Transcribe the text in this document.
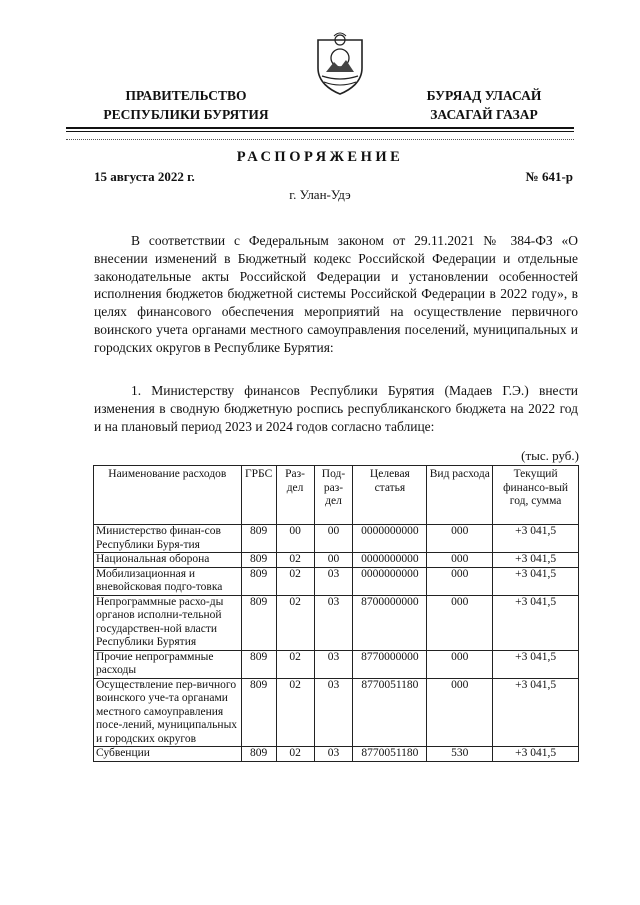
ПРАВИТЕЛЬСТВО
РЕСПУБЛИКИ БУРЯТИЯ
БУРЯАД УЛАСАЙ
ЗАСАГАЙ ГАЗАР
РАСПОРЯЖЕНИЕ
15 августа 2022 г.	№ 641-р
г. Улан-Удэ
В соответствии с Федеральным законом от 29.11.2021 № 384-ФЗ «О внесении изменений в Бюджетный кодекс Российской Федерации и отдельные законодательные акты Российской Федерации и установлении особенностей исполнения бюджетов бюджетной системы Российской Федерации в 2022 году», в целях финансового обеспечения мероприятий на осуществление первичного воинского учета органами местного самоуправления поселений, муниципальных и городских округов в Республике Бурятия:
1. Министерству финансов Республики Бурятия (Мадаев Г.Э.) внести изменения в сводную бюджетную роспись республиканского бюджета на 2022 год и на плановый период 2023 и 2024 годов согласно таблице:
(тыс. руб.)
Наименование расходов	ГРБС	Раз-дел	Под-раз-дел	Целевая статья	Вид расхода	Текущий финансо-вый год, сумма
Министерство финан-сов Республики Буря-тия	809	00	00	0000000000	000	+3 041,5
Национальная оборона	809	02	00	0000000000	000	+3 041,5
Мобилизационная и вневойсковая подго-товка	809	02	03	0000000000	000	+3 041,5
Непрограммные расхо-ды органов исполни-тельной государствен-ной власти Республики Бурятия	809	02	03	8700000000	000	+3 041,5
Прочие непрограммные расходы	809	02	03	8770000000	000	+3 041,5
Осуществление пер-вичного воинского уче-та органами местного самоуправления посе-лений, муниципальных и городских округов	809	02	03	8770051180	000	+3 041,5
Субвенции	809	02	03	8770051180	530	+3 041,5
